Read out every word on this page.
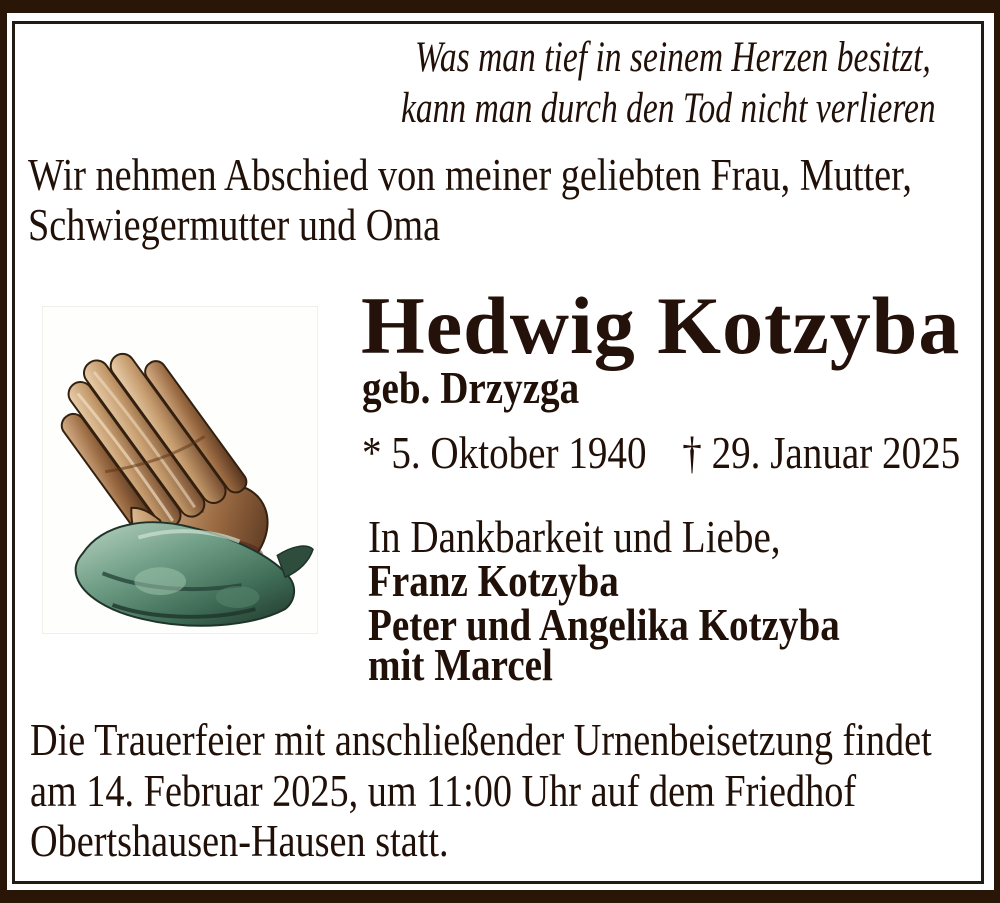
Was man tief in seinem Herzen besitzt,
kann man durch den Tod nicht verlieren
Wir nehmen Abschied von meiner geliebten Frau, Mutter,
Schwiegermutter und Oma
Hedwig Kotzyba
geb. Drzyzga
* 5. Oktober 1940 † 29. Januar 2025
In Dankbarkeit und Liebe,
Franz Kotzyba
Peter und Angelika Kotzyba
mit Marcel
Die Trauerfeier mit anschließender Urnenbeisetzung findet
am 14. Februar 2025, um 11:00 Uhr auf dem Friedhof
Obertshausen-Hausen statt.
